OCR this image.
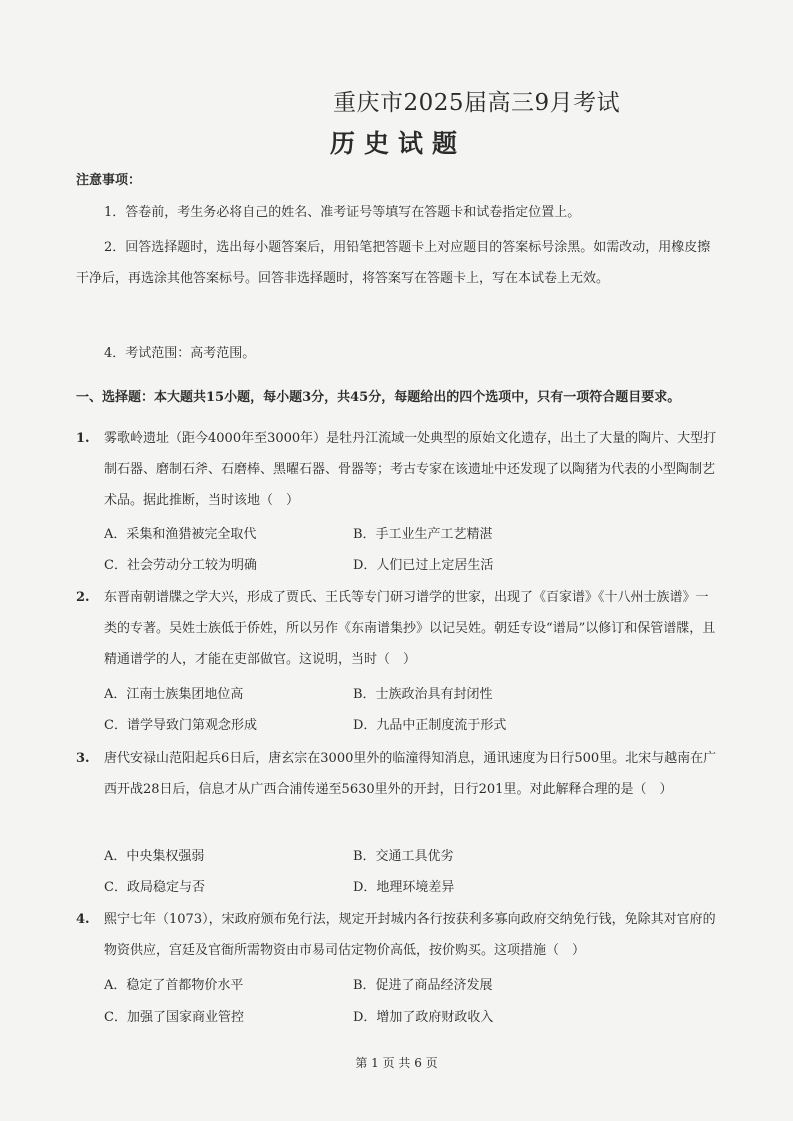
重庆市2025届高三9月考试
历史试题
注意事项：
1．答卷前，考生务必将自己的姓名、准考证号等填写在答题卡和试卷指定位置上。
2．回答选择题时，选出每小题答案后，用铅笔把答题卡上对应题目的答案标号涂黑。如需改动，用橡皮擦干净后，再选涂其他答案标号。回答非选择题时，将答案写在答题卡上，写在本试卷上无效。
4．考试范围：高考范围。
一、选择题：本大题共15小题，每小题3分，共45分，每题给出的四个选项中，只有一项符合题目要求。
1. 雾歌岭遗址（距今4000年至3000年）是牡丹江流域一处典型的原始文化遗存，出土了大量的陶片、大型打制石器、磨制石斧、石磨棒、黑曜石器、骨器等；考古专家在该遗址中还发现了以陶猪为代表的小型陶制艺术品。据此推断，当时该地（　）
A．采集和渔猎被完全取代	B．手工业生产工艺精湛
C．社会劳动分工较为明确	D．人们已过上定居生活
2. 东晋南朝谱牒之学大兴，形成了贾氏、王氏等专门研习谱学的世家，出现了《百家谱》《十八州士族谱》一类的专著。吴姓士族低于侨姓，所以另作《东南谱集抄》以记吴姓。朝廷专设“谱局”以修订和保管谱牒，且精通谱学的人，才能在吏部做官。这说明，当时（　）
A．江南士族集团地位高	B．士族政治具有封闭性
C．谱学导致门第观念形成	D．九品中正制度流于形式
3. 唐代安禄山范阳起兵6日后，唐玄宗在3000里外的临潼得知消息，通讯速度为日行500里。北宋与越南在广西开战28日后，信息才从广西合浦传递至5630里外的开封，日行201里。对此解释合理的是（　）
A．中央集权强弱	B．交通工具优劣
C．政局稳定与否	D．地理环境差异
4. 熙宁七年（1073），宋政府颁布免行法，规定开封城内各行按获利多寡向政府交纳免行钱，免除其对官府的物资供应，宫廷及官衙所需物资由市易司估定物价高低，按价购买。这项措施（　）
A．稳定了首都物价水平	B．促进了商品经济发展
C．加强了国家商业管控	D．增加了政府财政收入
第 1 页 共 6 页
